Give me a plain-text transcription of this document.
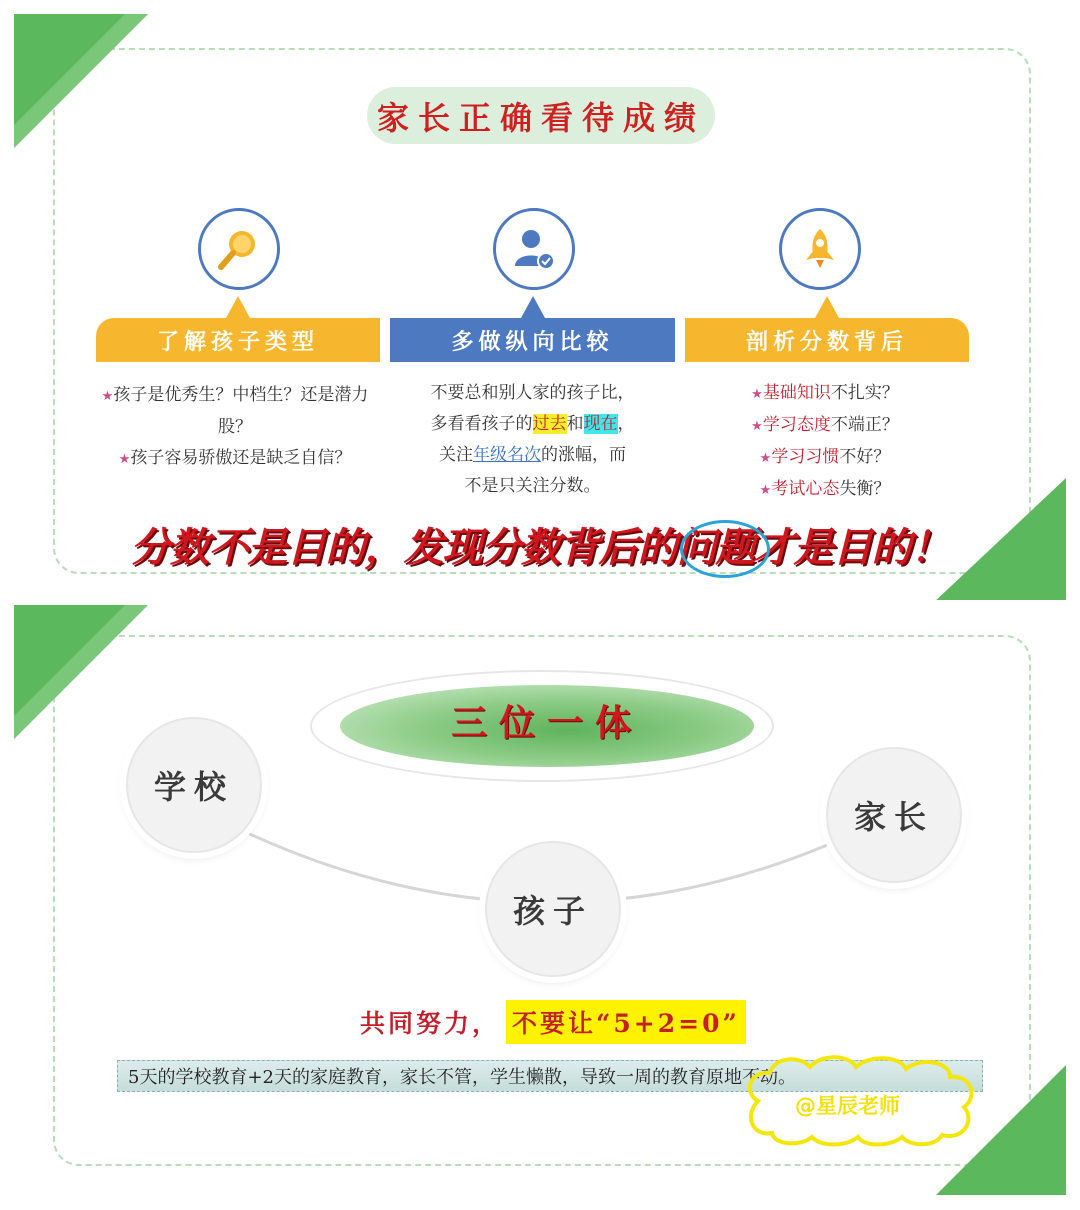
家长正确看待成绩
了解孩子类型	多做纵向比较	剖析分数背后
★孩子是优秀生？中档生？还是潜力股？
★孩子容易骄傲还是缺乏自信？
不要总和别人家的孩子比，
多看看孩子的过去和现在，
关注年级名次的涨幅，而
不是只关注分数。
★基础知识不扎实？
★学习态度不端正？
★学习习惯不好？
★考试心态失衡？
分数不是目的，发现分数背后的问题才是目的！
三位一体
学校
家长
孩子
共同努力， 不要让“5+2=0”
5天的学校教育+2天的家庭教育，家长不管，学生懒散，导致一周的教育原地不动。
@星辰老师
